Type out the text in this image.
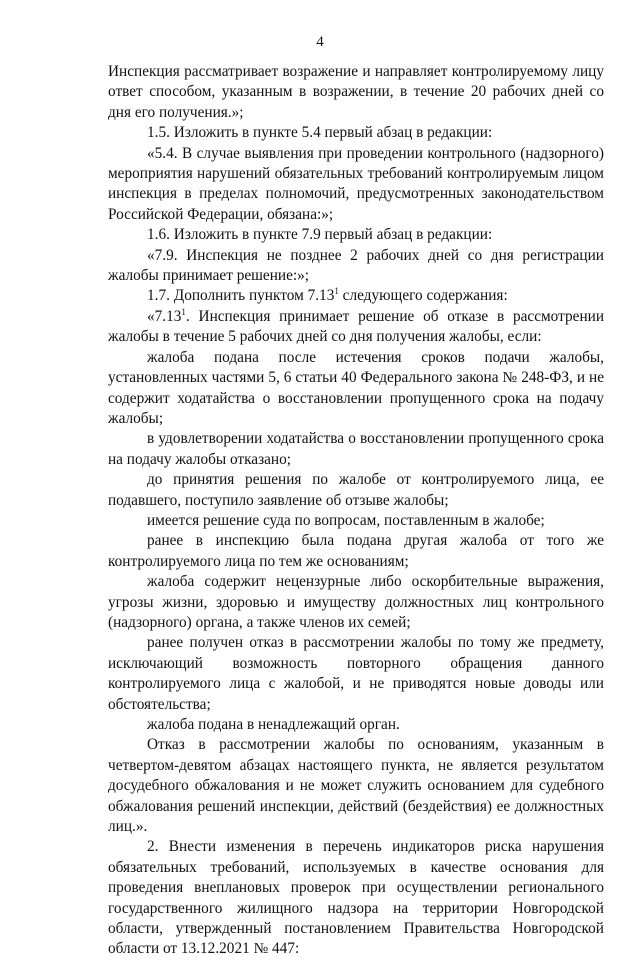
4

Инспекция рассматривает возражение и направляет контролируемому лицу ответ способом, указанным в возражении, в течение 20 рабочих дней со дня его получения.»;

1.5. Изложить в пункте 5.4 первый абзац в редакции:

«5.4. В случае выявления при проведении контрольного (надзорного) мероприятия нарушений обязательных требований контролируемым лицом инспекция в пределах полномочий, предусмотренных законодательством Российской Федерации, обязана:»;

1.6. Изложить в пункте 7.9 первый абзац в редакции:

«7.9. Инспекция не позднее 2 рабочих дней со дня регистрации жалобы принимает решение:»;

1.7. Дополнить пунктом 7.13$^1$ следующего содержания:

«7.13$^1$. Инспекция принимает решение об отказе в рассмотрении жалобы в течение 5 рабочих дней со дня получения жалобы, если:

жалоба подана после истечения сроков подачи жалобы, установленных частями 5, 6 статьи 40 Федерального закона № 248-ФЗ, и не содержит ходатайства о восстановлении пропущенного срока на подачу жалобы;

в удовлетворении ходатайства о восстановлении пропущенного срока на подачу жалобы отказано;

до принятия решения по жалобе от контролируемого лица, ее подавшего, поступило заявление об отзыве жалобы;

имеется решение суда по вопросам, поставленным в жалобе;

ранее в инспекцию была подана другая жалоба от того же контролируемого лица по тем же основаниям;

жалоба содержит нецензурные либо оскорбительные выражения, угрозы жизни, здоровью и имуществу должностных лиц контрольного (надзорного) органа, а также членов их семей;

ранее получен отказ в рассмотрении жалобы по тому же предмету, исключающий возможность повторного обращения данного контролируемого лица с жалобой, и не приводятся новые доводы или обстоятельства;

жалоба подана в ненадлежащий орган.

Отказ в рассмотрении жалобы по основаниям, указанным в четвертом-девятом абзацах настоящего пункта, не является результатом досудебного обжалования и не может служить основанием для судебного обжалования решений инспекции, действий (бездействия) ее должностных лиц.».

2. Внести изменения в перечень индикаторов риска нарушения обязательных требований, используемых в качестве основания для проведения внеплановых проверок при осуществлении регионального государственного жилищного надзора на территории Новгородской области, утвержденный постановлением Правительства Новгородской области от 13.12.2021 № 447:
